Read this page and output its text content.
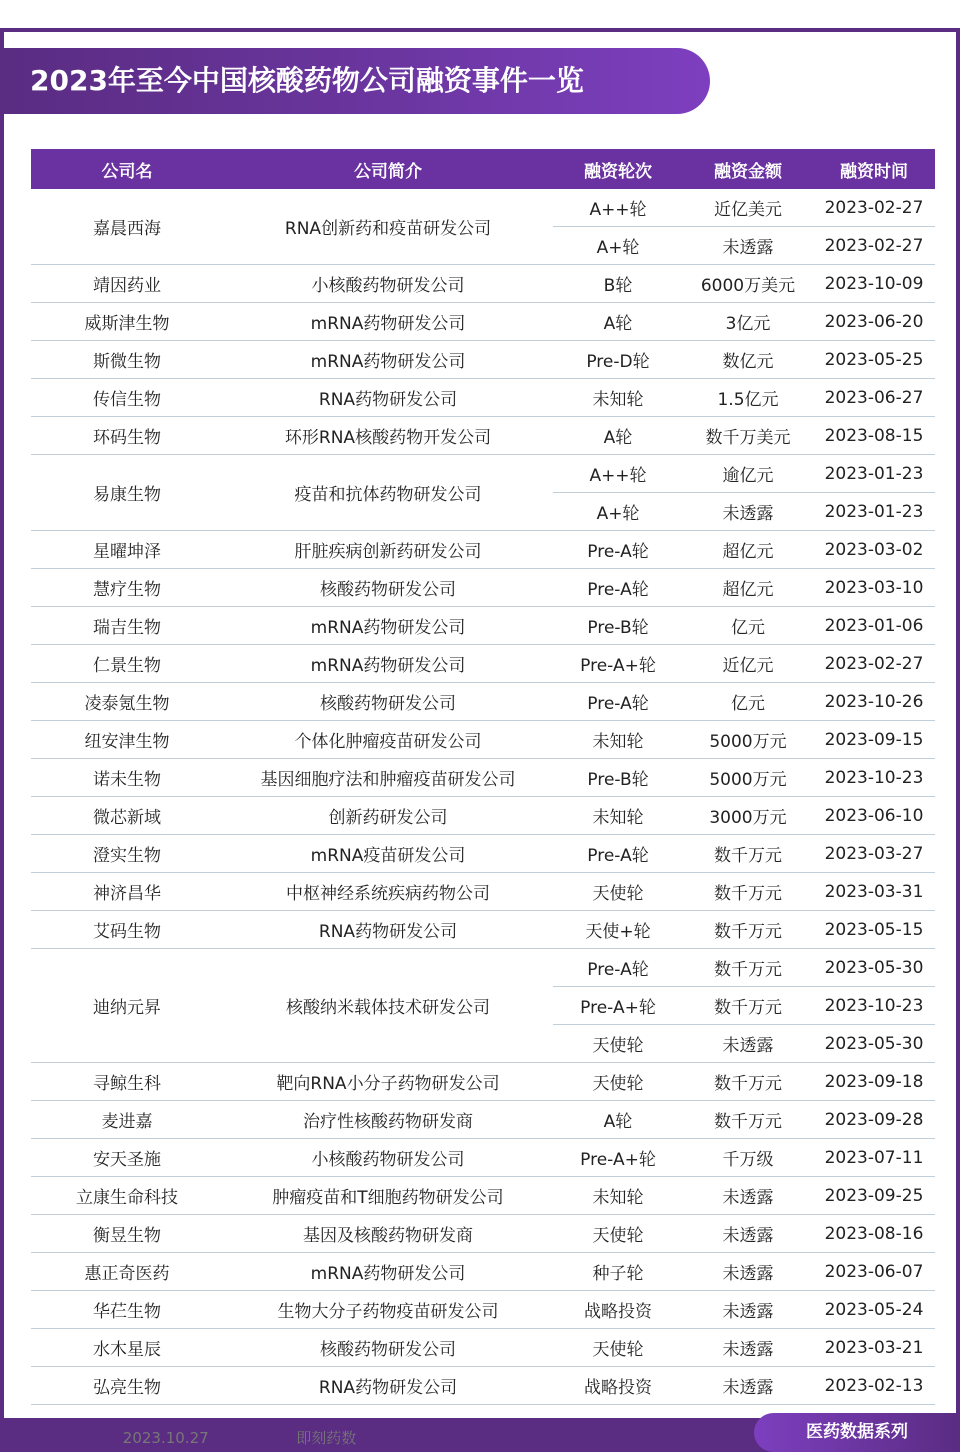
2023年至今中国核酸药物公司融资事件一览
公司名	公司简介	融资轮次	融资金额	融资时间
嘉晨西海	RNA创新药和疫苗研发公司	A++轮	近亿美元	2023-02-27
		A+轮	未透露	2023-02-27
靖因药业	小核酸药物研发公司	B轮	6000万美元	2023-10-09
威斯津生物	mRNA药物研发公司	A轮	3亿元	2023-06-20
斯微生物	mRNA药物研发公司	Pre-D轮	数亿元	2023-05-25
传信生物	RNA药物研发公司	未知轮	1.5亿元	2023-06-27
环码生物	环形RNA核酸药物开发公司	A轮	数千万美元	2023-08-15
易康生物	疫苗和抗体药物研发公司	A++轮	逾亿元	2023-01-23
		A+轮	未透露	2023-01-23
星曜坤泽	肝脏疾病创新药研发公司	Pre-A轮	超亿元	2023-03-02
慧疗生物	核酸药物研发公司	Pre-A轮	超亿元	2023-03-10
瑞吉生物	mRNA药物研发公司	Pre-B轮	亿元	2023-01-06
仁景生物	mRNA药物研发公司	Pre-A+轮	近亿元	2023-02-27
凌泰氪生物	核酸药物研发公司	Pre-A轮	亿元	2023-10-26
纽安津生物	个体化肿瘤疫苗研发公司	未知轮	5000万元	2023-09-15
诺未生物	基因细胞疗法和肿瘤疫苗研发公司	Pre-B轮	5000万元	2023-10-23
微芯新域	创新药研发公司	未知轮	3000万元	2023-06-10
澄实生物	mRNA疫苗研发公司	Pre-A轮	数千万元	2023-03-27
神济昌华	中枢神经系统疾病药物公司	天使轮	数千万元	2023-03-31
艾码生物	RNA药物研发公司	天使+轮	数千万元	2023-05-15
迪纳元昇	核酸纳米载体技术研发公司	Pre-A轮	数千万元	2023-05-30
		Pre-A+轮	数千万元	2023-10-23
		天使轮	未透露	2023-05-30
寻鲸生科	靶向RNA小分子药物研发公司	天使轮	数千万元	2023-09-18
麦进嘉	治疗性核酸药物研发商	A轮	数千万元	2023-09-28
安天圣施	小核酸药物研发公司	Pre-A+轮	千万级	2023-07-11
立康生命科技	肿瘤疫苗和T细胞药物研发公司	未知轮	未透露	2023-09-25
衡昱生物	基因及核酸药物研发商	天使轮	未透露	2023-08-16
惠正奇医药	mRNA药物研发公司	种子轮	未透露	2023-06-07
华芢生物	生物大分子药物疫苗研发公司	战略投资	未透露	2023-05-24
水木星辰	核酸药物研发公司	天使轮	未透露	2023-03-21
弘亮生物	RNA药物研发公司	战略投资	未透露	2023-02-13
数据整理日期: 2023.10.27 数据来源: 即刻药数	医药数据系列
